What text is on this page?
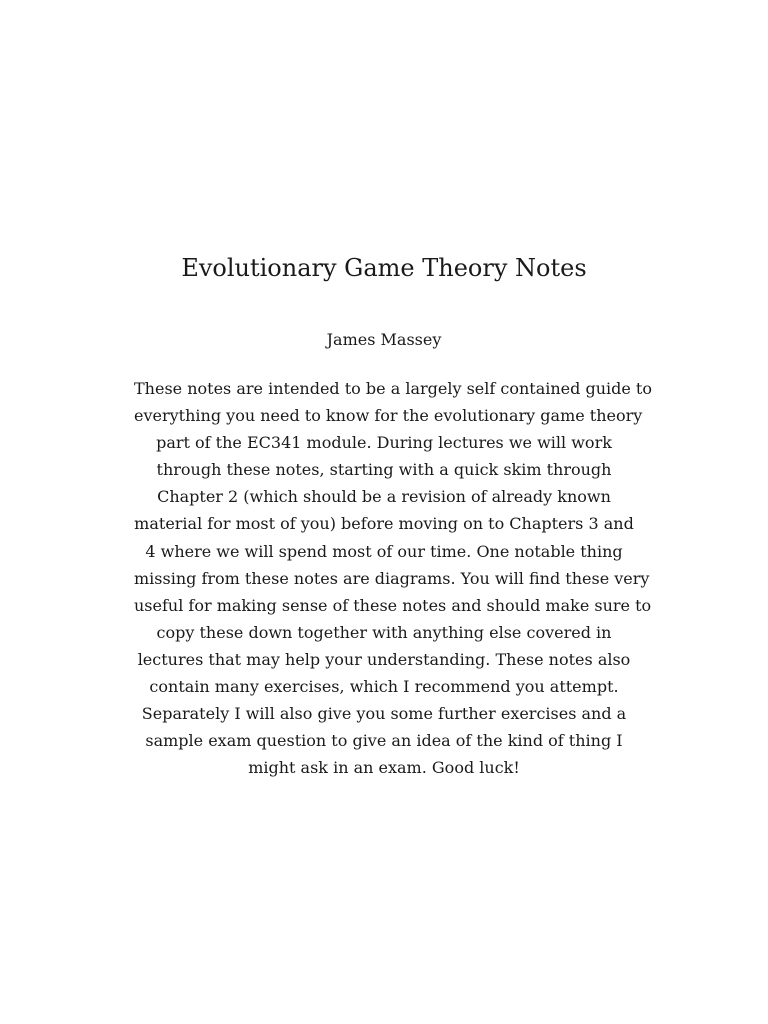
Evolutionary Game Theory Notes

James Massey

These notes are intended to be a largely self contained guide to
everything you need to know for the evolutionary game theory
part of the EC341 module. During lectures we will work
through these notes, starting with a quick skim through
Chapter 2 (which should be a revision of already known
material for most of you) before moving on to Chapters 3 and
4 where we will spend most of our time. One notable thing
missing from these notes are diagrams. You will find these very
useful for making sense of these notes and should make sure to
copy these down together with anything else covered in
lectures that may help your understanding. These notes also
contain many exercises, which I recommend you attempt.
Separately I will also give you some further exercises and a
sample exam question to give an idea of the kind of thing I
might ask in an exam. Good luck!
